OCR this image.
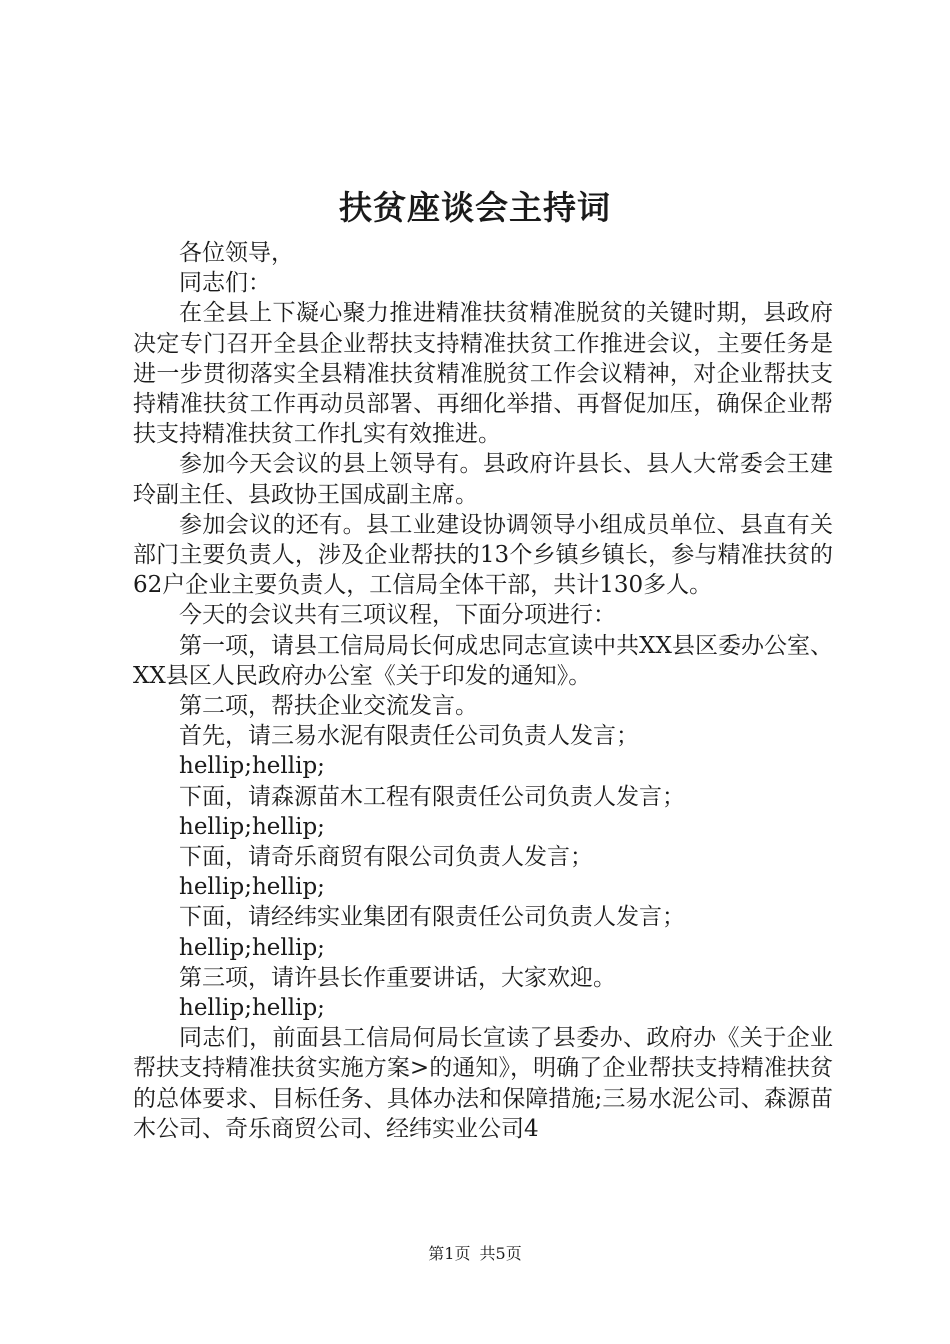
扶贫座谈会主持词

各位领导，

同志们：

在全县上下凝心聚力推进精准扶贫精准脱贫的关键时期，县政府决定专门召开全县企业帮扶支持精准扶贫工作推进会议，主要任务是进一步贯彻落实全县精准扶贫精准脱贫工作会议精神，对企业帮扶支持精准扶贫工作再动员部署、再细化举措、再督促加压，确保企业帮扶支持精准扶贫工作扎实有效推进。

参加今天会议的县上领导有。县政府许县长、县人大常委会王建玲副主任、县政协王国成副主席。

参加会议的还有。县工业建设协调领导小组成员单位、县直有关部门主要负责人，涉及企业帮扶的13个乡镇乡镇长，参与精准扶贫的62户企业主要负责人，工信局全体干部，共计130多人。

今天的会议共有三项议程，下面分项进行：

第一项，请县工信局局长何成忠同志宣读中共XX县区委办公室、XX县区人民政府办公室《关于印发的通知》。

第二项，帮扶企业交流发言。

首先，请三易水泥有限责任公司负责人发言；

hellip;hellip;

下面，请森源苗木工程有限责任公司负责人发言；

hellip;hellip;

下面，请奇乐商贸有限公司负责人发言；

hellip;hellip;

下面，请经纬实业集团有限责任公司负责人发言；

hellip;hellip;

第三项，请许县长作重要讲话，大家欢迎。

hellip;hellip;

同志们，前面县工信局何局长宣读了县委办、政府办《关于企业帮扶支持精准扶贫实施方案>的通知》，明确了企业帮扶支持精准扶贫的总体要求、目标任务、具体办法和保障措施;三易水泥公司、森源苗木公司、奇乐商贸公司、经纬实业公司4

第1页 共5页
